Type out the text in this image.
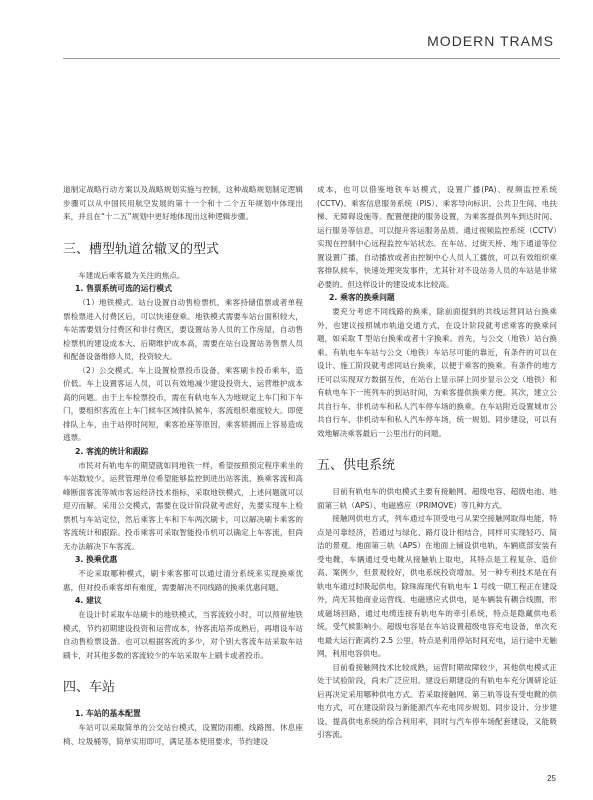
MODERN TRAMS

道制定战略行动方案以及战略规划实施与控制，这种战略规划制定逻辑步骤可以从中国民用航空发展的第十一个和十二个五年规划中体现出来，并且在“十二五”规划中更好地体现出这种逻辑步骤。

三、槽型轨道岔辙叉的型式

车建成后乘客最为关注的焦点。

1. 售票系统可选的运行模式

（1）地铁模式。站台设置自动售检票机，乘客持储值票或者单程票检票进入付费区后，可以快速登乘。地铁模式需要车站台面积较大，车站需要划分付费区和非付费区，要设置站务人员的工作房屋，自动售检票机的建设成本大、后期维护成本高，需要在站台设置站务售票人员和配备设备维修人员，投资较大。

（2）公交模式。车上设置检票投币设备，乘客刷卡投币乘车，造价低。车上设置客运人员，可以有效地减少建设投资大、运营维护成本高的问题。由于上车检票投币，需在有轨电车入为地规定上车门和下车门，要组织客流在上车门候车区域排队候车，客流组织难度较大。即使排队上车，由于站停时间短，乘客抢座等原因，乘客轿拥而上容易造成逃票。

2. 客流的统计和跟踪

市民对有轨电车的期望就如同地铁一样，希望按照预定程序乘坐的车站数较少。运营管理单位希望能够监控到进出站客流、换乘客流和高峰断面客流等城市客运经济技术指标，采取地铁模式，上述问题就可以迎刃而解。采用公交模式，需要在设计阶段就考虑好，先要实现车上检票机与车站定位，然后乘客上车和下车两次刷卡，可以解决刷卡乘客的客流统计和跟踪。投币乘客可采取智能投币机可以确定上车客流，但尚无办法解决下车客流。

3. 换乘优惠

不论采取哪种模式，刷卡乘客都可以通过清分系统来实现换乘优惠，但对投币乘客却有难度，需要解决不同线路的换乘优惠问题。

4. 建议

在设计时采取车站刷卡的地铁模式，当客流较小时，可以预留地铁模式，节约初期建设投资和运营成本，待客流培养成熟后，再增设车站自动售检票设备。也可以根据客流的多少，对个别大客流车站采取车站刷卡，对其他多数的客流较少的车站采取车上刷卡或者投币。

四、车站
1. 车站的基本配置

车站可以采取简单的公交站台模式，设置防雨棚、线路图、休息座椅、垃圾桶等，简单实用即可，满足基本使用要求，节约建设

成本，也可以借鉴地铁车站模式，设置广播(PA)、视频监控系统(CCTV)、乘客信息服务系统（PIS）、乘客导向标识、公共卫生间、电扶梯、无障碍设施等。配置便捷的服务设置，为乘客提供列车到达时间、运行服务等信息，可以提升客运服务品质。通过视频监控系统（CCTV）实现在控制中心远程监控车站状态。在车站、过街天桥、地下通道等位置设置广播，自动播放或者由控制中心人员人工播放，可以有效组织乘客排队候车，快速处理突发事件，尤其针对不设站务人员的车站是非常必要的。但这样设计的建设成本比较高。

2. 乘客的换乘问题

要充分考虑不同线路的换乘，除前面提到的共线运营同站台换乘外，也建议按照城市轨道交通方式，在设计阶段就考虑乘客的换乘问题，如采取 T 型站台换乘或者十字换乘。首先，与公交（地铁）站台换乘。有轨电车车站与公交（地铁）车站尽可能的靠近，有条件的可以在设计、施工阶段就考虑同站台换乘，以便于乘客的换乘。有条件的地方还可以实现双方数据互传，在站台上显示屏上同步显示公交（地铁）和有轨电车下一班列车的到站时间，为乘客提供换乘方便。其次，建立公共自行车、非机动车和私人汽车停车场的换乘。在车站附近设置城市公共自行车、非机动车和私人汽车停车场，统一规划、同步建设，可以有效地解决乘客最后一公里出行的问题。

五、供电系统

目前有轨电车的供电模式主要有接触网、超级电容、超级电池、地面第三轨（APS）、电磁感应（PRIMOVE）等几种方式。

接触网供电方式，列车通过车顶受电弓从架空接触网取得电能，特点是可靠经济，若通过与绿化、路灯设计相结合，同样可实现轻巧、简洁的景观。地面第三轨（APS）在地面上铺设供电轨，车辆底部安装有受电靴，车辆通过受电靴从接触轨上取电，其特点是工程复杂、造价高、案例少，但景观较好，供电系统投资增加。另一种专利技术是在有轨电车通过时吸起供电，除珠海现代有轨电车 1 号线一期工程正在建设外，尚无其他商业运营线。电磁感应式供电，是车辆装有耦合线圈，形成磁场回路，通过电缆连接有轨电车的牵引系统，特点是隐藏供电系统，受气候影响小。超级电容是在车站设置超级电容充电设备，单次充电最大运行距离约 2.5 公里，特点是利用停站时间充电，运行途中无触网，利用电容供电。

目前看接触网技术比较成熟，运营时期故障较少，其他供电模式正处于试验阶段，尚未广泛应用。建设后期建设的有轨电车充分调研论证后再决定采用哪种供电方式。若采取接触网、第三轨等设有受电靴的供电方式，可在建设阶段与新能源汽车充电同步规划、同步设计、分步建设，提高供电系统的综合利用率，同时与汽车停车场配套建设，又能吸引客流。

25
